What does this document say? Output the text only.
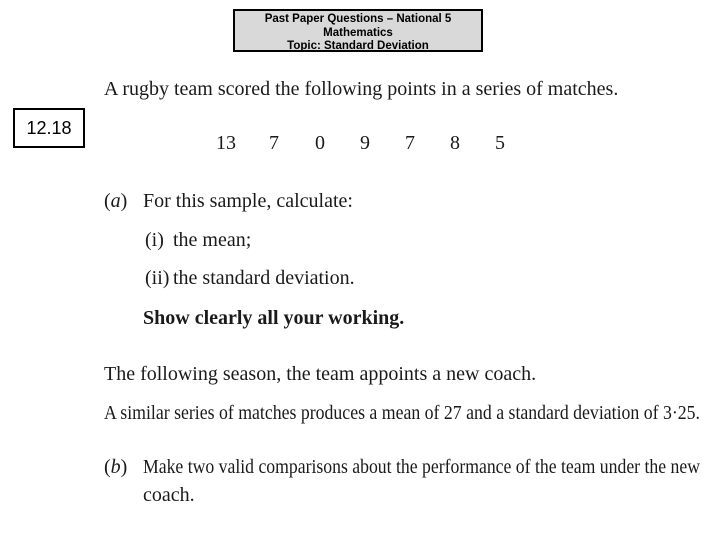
Past Paper Questions – National 5
Mathematics
Topic: Standard Deviation
12.18
A rugby team scored the following points in a series of matches.
13	7	0	9	7	8	5
(a) For this sample, calculate:
(i) the mean;
(ii) the standard deviation.
Show clearly all your working.
The following season, the team appoints a new coach.
A similar series of matches produces a mean of 27 and a standard deviation of 3·25.
(b) Make two valid comparisons about the performance of the team under the new
coach.
